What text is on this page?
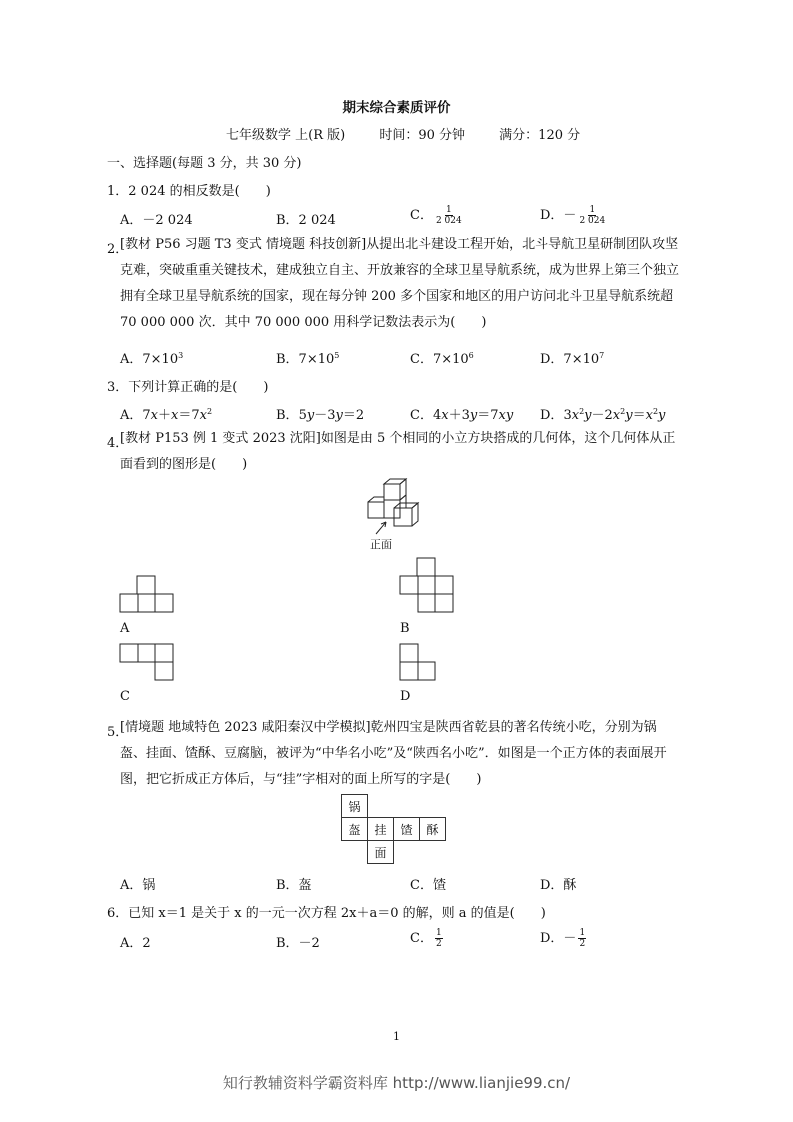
期末综合素质评价
七年级数学 上(R 版)	时间：90 分钟	满分：120 分
一、选择题(每题 3 分，共 30 分)
1．2 024 的相反数是(　　)
A．－2 024	B．2 024	C． $\frac{1}{2 024}$	D．－ $\frac{1}{2 024}$
2．
[教材 P56 习题 T3 变式 情境题 科技创新]从提出北斗建设工程开始，北斗导航卫星研制团队攻坚克难，突破重重关键技术，建成独立自主、开放兼容的全球卫星导航系统，成为世界上第三个独立拥有全球卫星导航系统的国家，现在每分钟 200 多个国家和地区的用户访问北斗卫星导航系统超 70 000 000 次．其中 70 000 000 用科学记数法表示为(　　)
A．$7\times 10^3$	B．$7\times 10^5$	C．$7\times 10^6$	D．$7\times 10^7$
3．下列计算正确的是(　　)
A．$7x+x=7x^2$	B．5y－3y＝2	C．4x＋3y＝7xy D．$3x^2y-2x^2y=x^2y$
4．
[教材 P153 例 1 变式 2023 沈阳]如图是由 5 个相同的小立方块搭成的几何体，这个几何体从正面看到的图形是(　　)
正面
A	B
C	D
5．
[情境题 地域特色 2023 咸阳秦汉中学模拟]乾州四宝是陕西省乾县的著名传统小吃，分别为锅盔、挂面、馇酥、豆腐脑，被评为“中华名小吃”及“陕西名小吃”．如图是一个正方体的表面展开图，把它折成正方体后，与“挂”字相对的面上所写的字是(　　)
锅			
盔	挂	馇	酥
	面		
A．锅	B．盔	C．馇	D．酥
6．已知 x＝1 是关于 x 的一元一次方程 2x＋a＝0 的解，则 a 的值是(　　)
A．2	B．－2	C． $\frac{1}{2}$	D．－ $\frac{1}{2}$
1
知行教辅资料学霸资料库 http://www.lianjie99.cn/
